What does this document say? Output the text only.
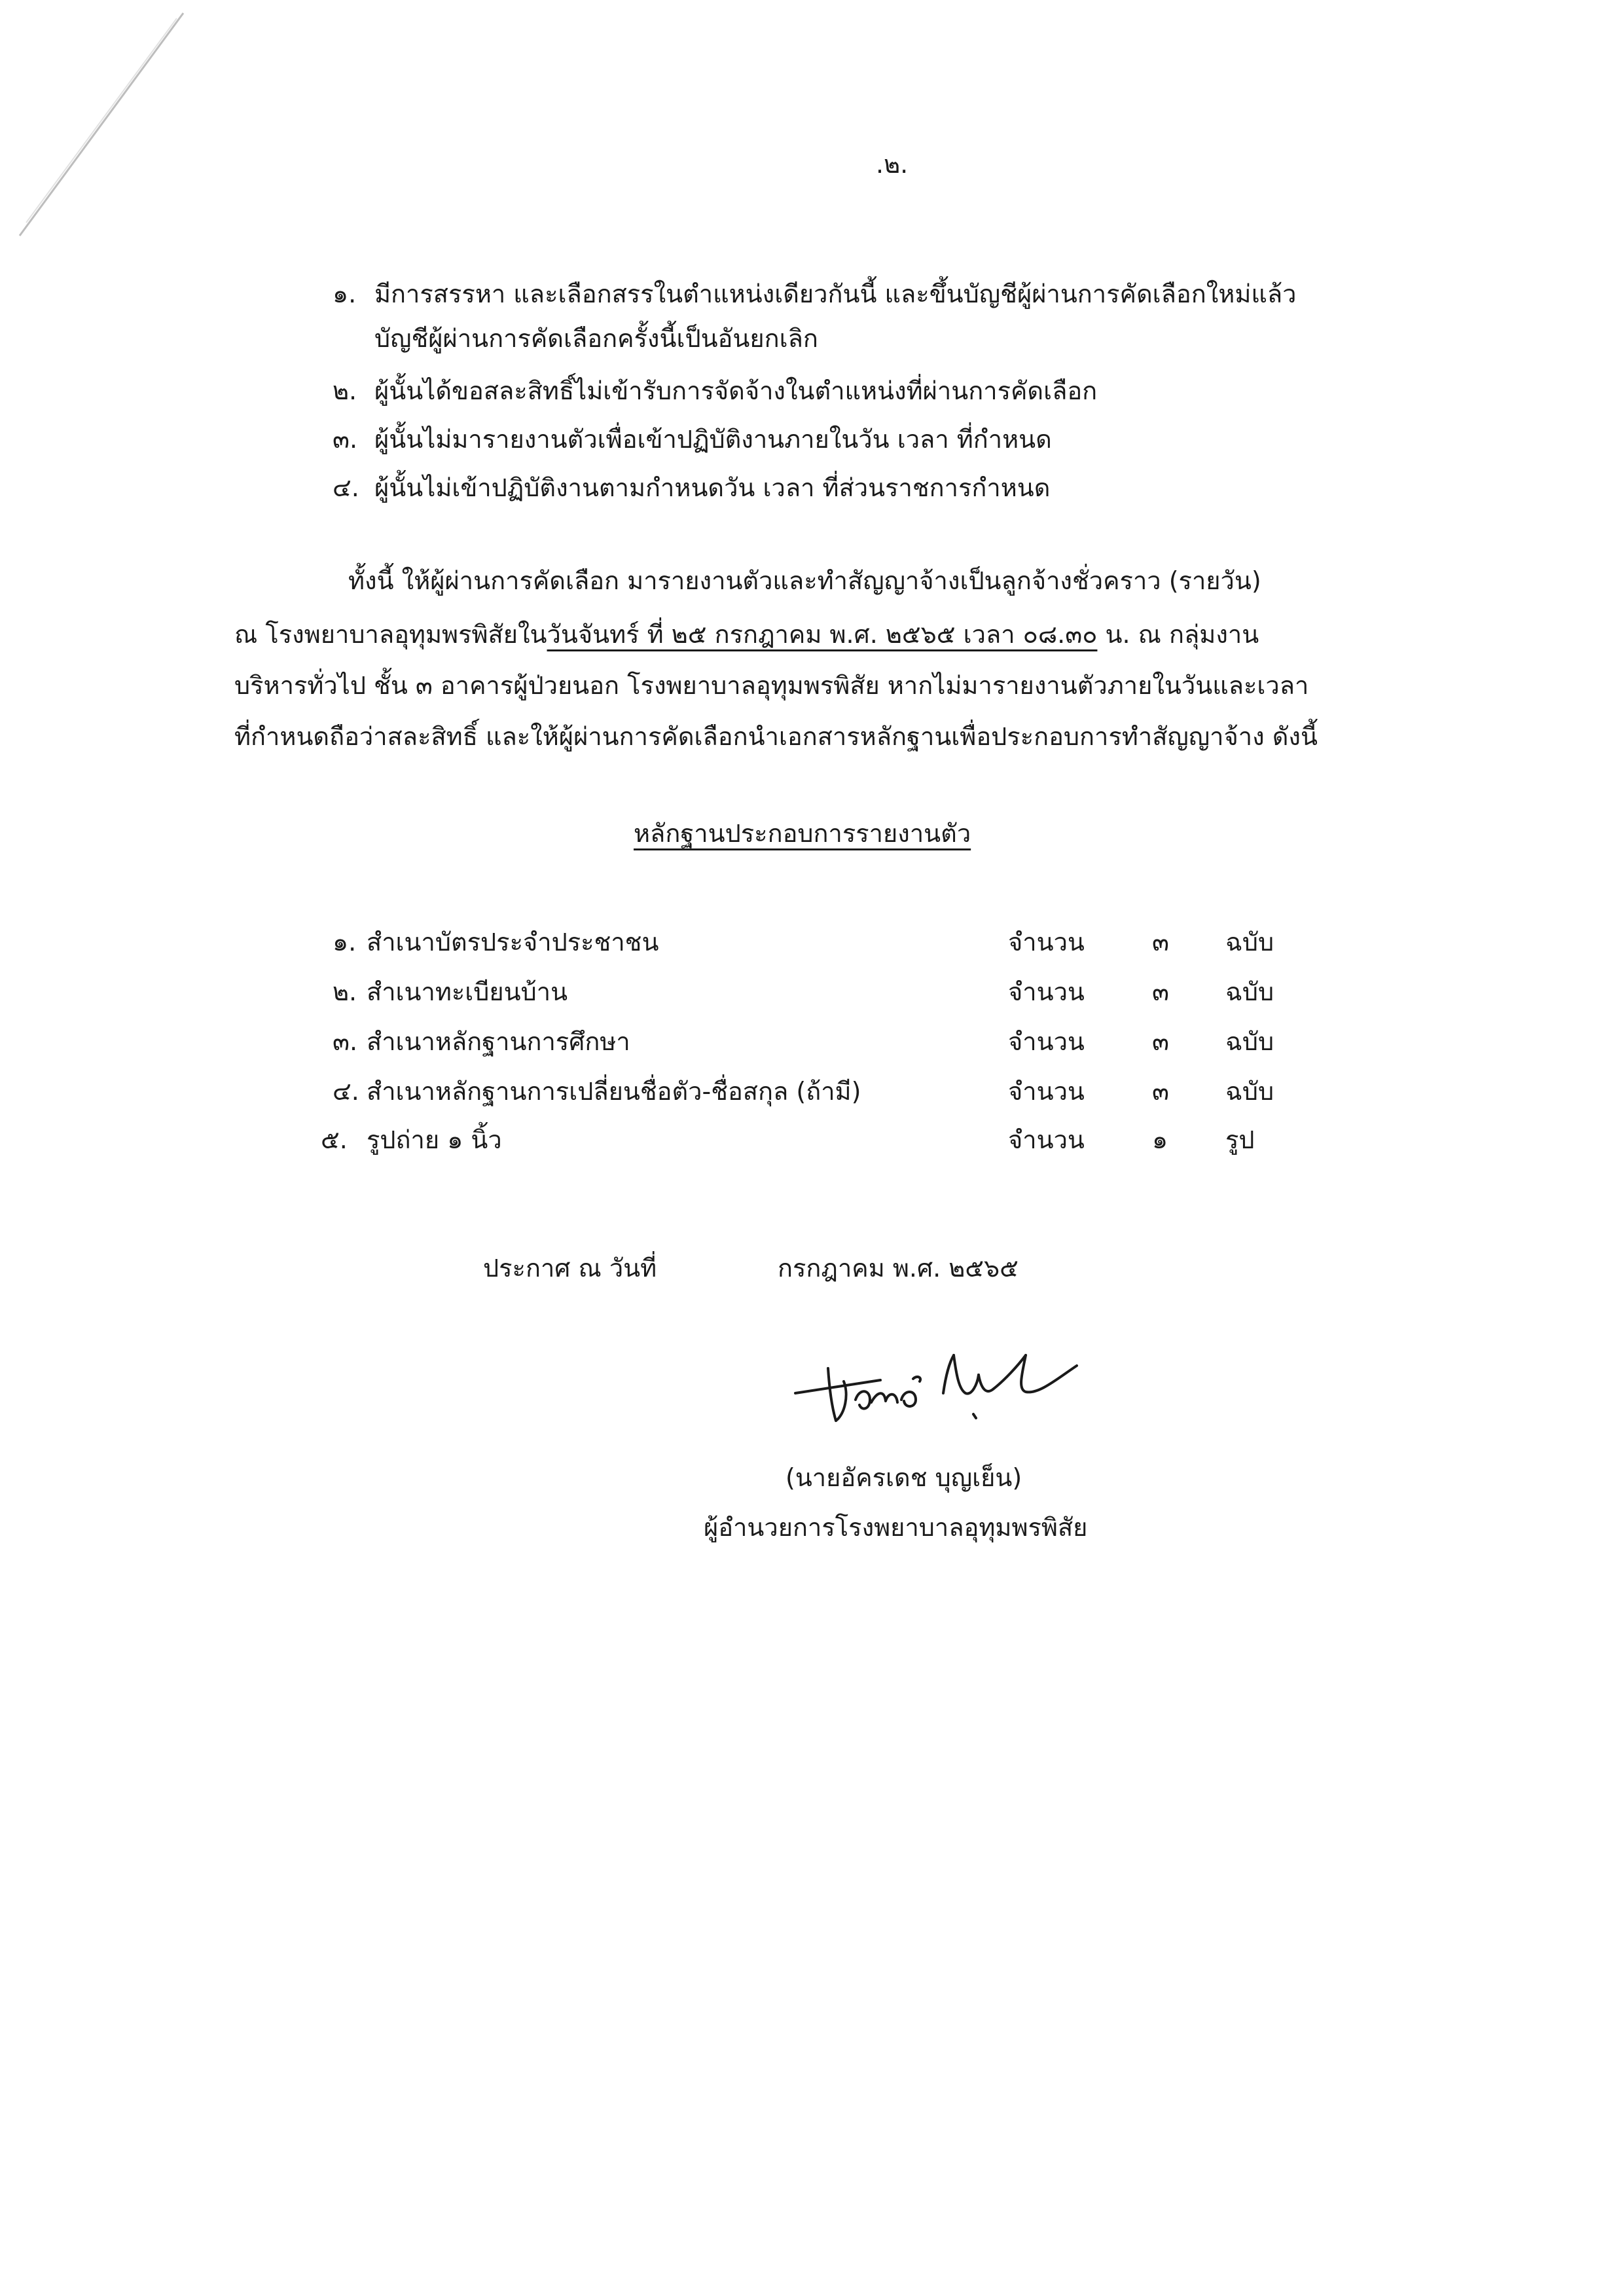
.๒.
๑. มีการสรรหา และเลือกสรรในตำแหน่งเดียวกันนี้ และขึ้นบัญชีผู้ผ่านการคัดเลือกใหม่แล้ว
บัญชีผู้ผ่านการคัดเลือกครั้งนี้เป็นอันยกเลิก
๒. ผู้นั้นได้ขอสละสิทธิ์ไม่เข้ารับการจัดจ้างในตำแหน่งที่ผ่านการคัดเลือก
๓. ผู้นั้นไม่มารายงานตัวเพื่อเข้าปฏิบัติงานภายในวัน เวลา ที่กำหนด
๔. ผู้นั้นไม่เข้าปฏิบัติงานตามกำหนดวัน เวลา ที่ส่วนราชการกำหนด
ทั้งนี้ ให้ผู้ผ่านการคัดเลือก มารายงานตัวและทำสัญญาจ้างเป็นลูกจ้างชั่วคราว (รายวัน)
ณ โรงพยาบาลอุทุมพรพิสัยในวันจันทร์ ที่ ๒๕ กรกฎาคม พ.ศ. ๒๕๖๕ เวลา ๐๘.๓๐ น. ณ กลุ่มงาน
บริหารทั่วไป ชั้น ๓ อาคารผู้ป่วยนอก โรงพยาบาลอุทุมพรพิสัย หากไม่มารายงานตัวภายในวันและเวลา
ที่กำหนดถือว่าสละสิทธิ์ และให้ผู้ผ่านการคัดเลือกนำเอกสารหลักฐานเพื่อประกอบการทำสัญญาจ้าง ดังนี้
หลักฐานประกอบการรายงานตัว
๑. สำเนาบัตรประจำประชาชน	จำนวน	๓ ฉบับ
๒. สำเนาทะเบียนบ้าน	จำนวน	๓ ฉบับ
๓. สำเนาหลักฐานการศึกษา	จำนวน	๓ ฉบับ
๔. สำเนาหลักฐานการเปลี่ยนชื่อตัว-ชื่อสกุล (ถ้ามี)	จำนวน	๓ ฉบับ
๕. รูปถ่าย ๑ นิ้ว	จำนวน	๑ รูป
ประกาศ ณ วันที่	กรกฎาคม พ.ศ. ๒๕๖๕
(นายอัครเดช บุญเย็น)
ผู้อำนวยการโรงพยาบาลอุทุมพรพิสัย
